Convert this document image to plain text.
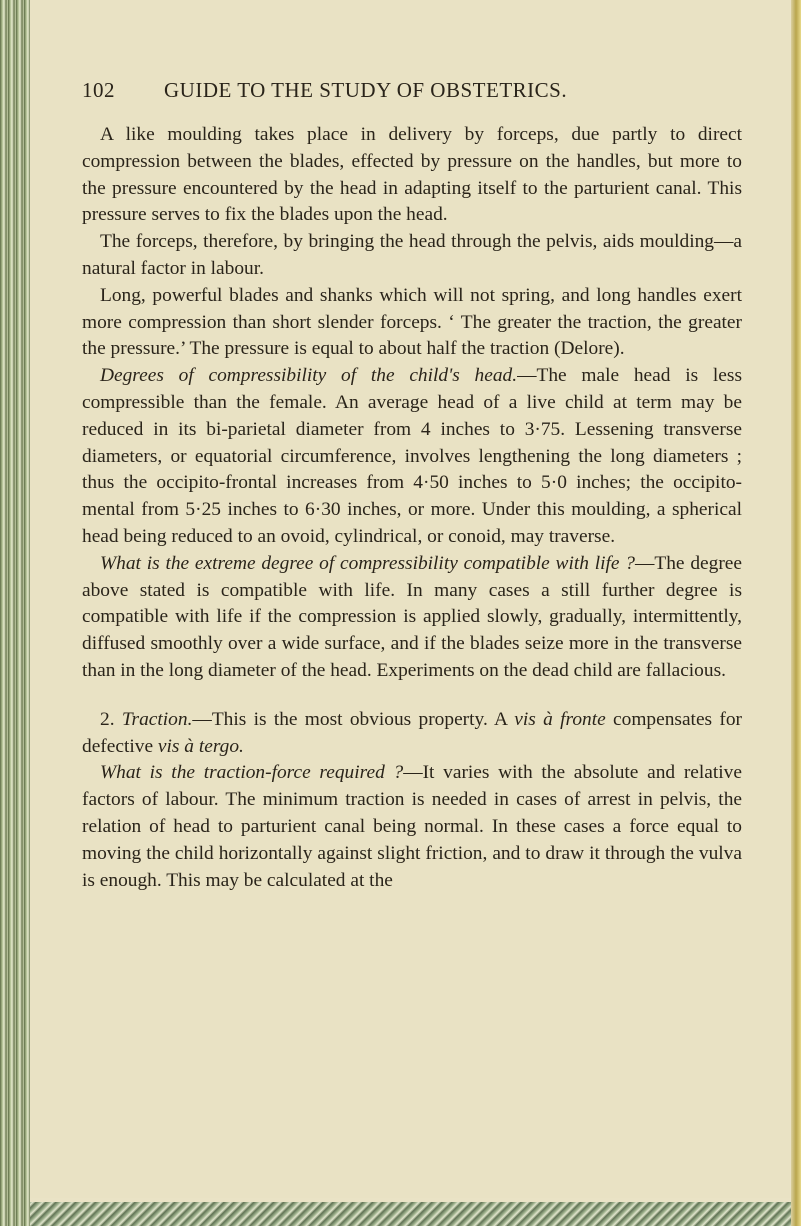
102 GUIDE TO THE STUDY OF OBSTETRICS.

A like moulding takes place in delivery by forceps, due partly to direct compression between the blades, effected by pressure on the handles, but more to the pressure encountered by the head in adapting itself to the parturient canal. This pressure serves to fix the blades upon the head.

The forceps, therefore, by bringing the head through the pelvis, aids moulding—a natural factor in labour.

Long, powerful blades and shanks which will not spring, and long handles exert more compression than short slender forceps. ‘ The greater the traction, the greater the pressure.’ The pressure is equal to about half the traction (Delore).

Degrees of compressibility of the child's head.—The male head is less compressible than the female. An average head of a live child at term may be reduced in its bi-parietal diameter from 4 inches to 3·75. Lessening transverse diameters, or equatorial circumference, involves lengthening the long diameters ; thus the occipito-frontal increases from 4·50 inches to 5·0 inches; the occipito-mental from 5·25 inches to 6·30 inches, or more. Under this moulding, a spherical head being reduced to an ovoid, cylindrical, or conoid, may traverse.

What is the extreme degree of compressibility compatible with life ?—The degree above stated is compatible with life. In many cases a still further degree is compatible with life if the compression is applied slowly, gradually, intermittently, diffused smoothly over a wide surface, and if the blades seize more in the transverse than in the long diameter of the head. Experiments on the dead child are fallacious.

2. Traction.—This is the most obvious property. A vis à fronte compensates for defective vis à tergo.

What is the traction-force required ?—It varies with the absolute and relative factors of labour. The minimum traction is needed in cases of arrest in pelvis, the relation of head to parturient canal being normal. In these cases a force equal to moving the child horizontally against slight friction, and to draw it through the vulva is enough. This may be calculated at the
